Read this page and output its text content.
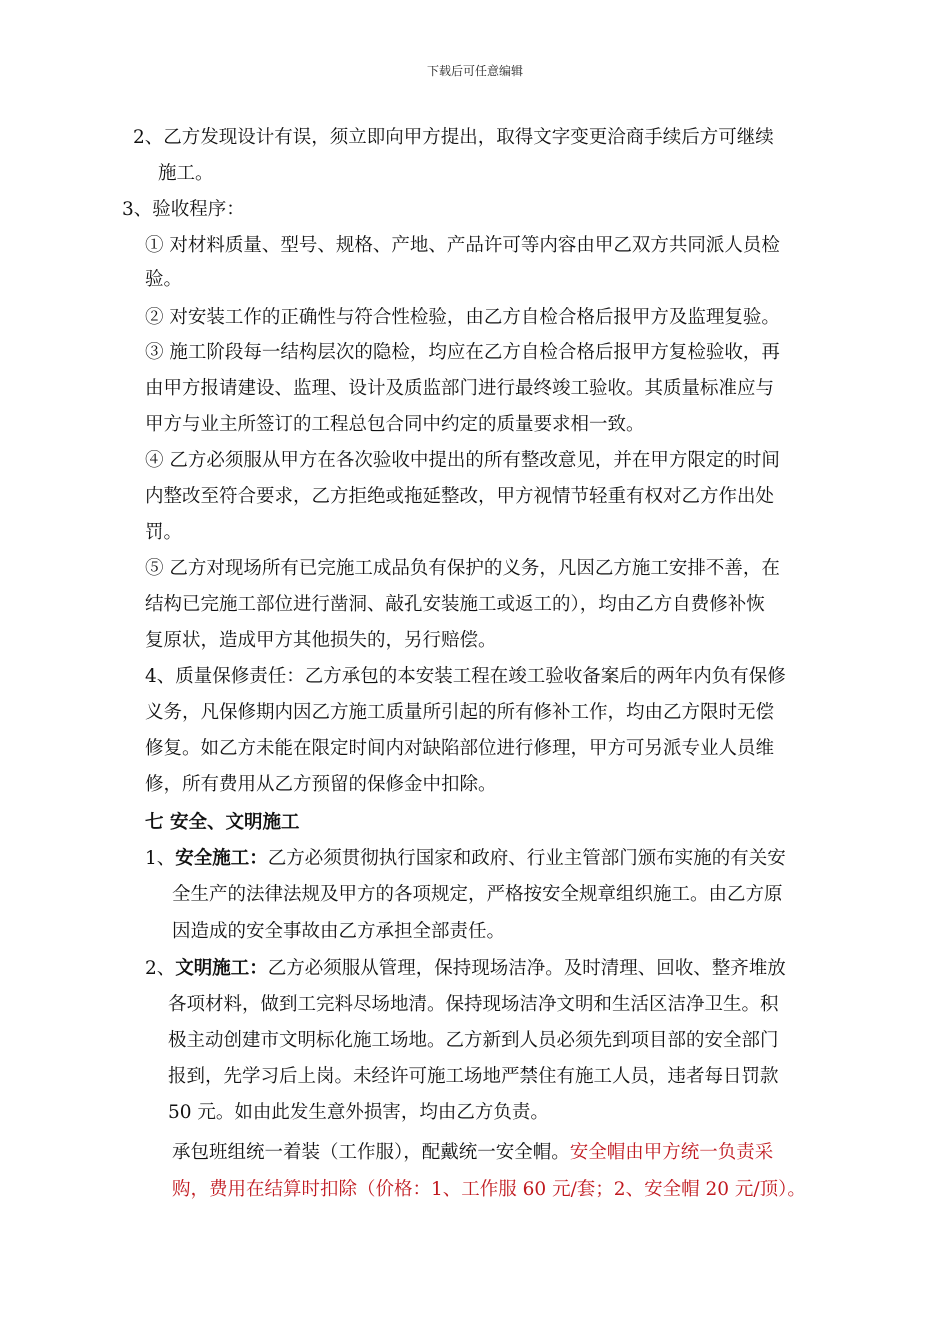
下载后可任意编辑
2、乙方发现设计有误，须立即向甲方提出，取得文字变更洽商手续后方可继续
施工。
3、验收程序：
① 对材料质量、型号、规格、产地、产品许可等内容由甲乙双方共同派人员检
验。
② 对安装工作的正确性与符合性检验，由乙方自检合格后报甲方及监理复验。
③ 施工阶段每一结构层次的隐检，均应在乙方自检合格后报甲方复检验收，再
由甲方报请建设、监理、设计及质监部门进行最终竣工验收。其质量标准应与
甲方与业主所签订的工程总包合同中约定的质量要求相一致。
④ 乙方必须服从甲方在各次验收中提出的所有整改意见，并在甲方限定的时间
内整改至符合要求，乙方拒绝或拖延整改，甲方视情节轻重有权对乙方作出处
罚。
⑤ 乙方对现场所有已完施工成品负有保护的义务，凡因乙方施工安排不善，在
结构已完施工部位进行凿洞、敲孔安装施工或返工的），均由乙方自费修补恢
复原状，造成甲方其他损失的，另行赔偿。
4、质量保修责任：乙方承包的本安装工程在竣工验收备案后的两年内负有保修
义务，凡保修期内因乙方施工质量所引起的所有修补工作，均由乙方限时无偿
修复。如乙方未能在限定时间内对缺陷部位进行修理，甲方可另派专业人员维
修，所有费用从乙方预留的保修金中扣除。
七 安全、文明施工
1、安全施工：乙方必须贯彻执行国家和政府、行业主管部门颁布实施的有关安
全生产的法律法规及甲方的各项规定，严格按安全规章组织施工。由乙方原
因造成的安全事故由乙方承担全部责任。
2、文明施工：乙方必须服从管理，保持现场洁净。及时清理、回收、整齐堆放
各项材料，做到工完料尽场地清。保持现场洁净文明和生活区洁净卫生。积
极主动创建市文明标化施工场地。乙方新到人员必须先到项目部的安全部门
报到，先学习后上岗。未经许可施工场地严禁住有施工人员，违者每日罚款
50 元。如由此发生意外损害，均由乙方负责。
承包班组统一着装（工作服），配戴统一安全帽。安全帽由甲方统一负责采
购，费用在结算时扣除（价格：1、工作服 60 元/套；2、安全帽 20 元/顶）。
